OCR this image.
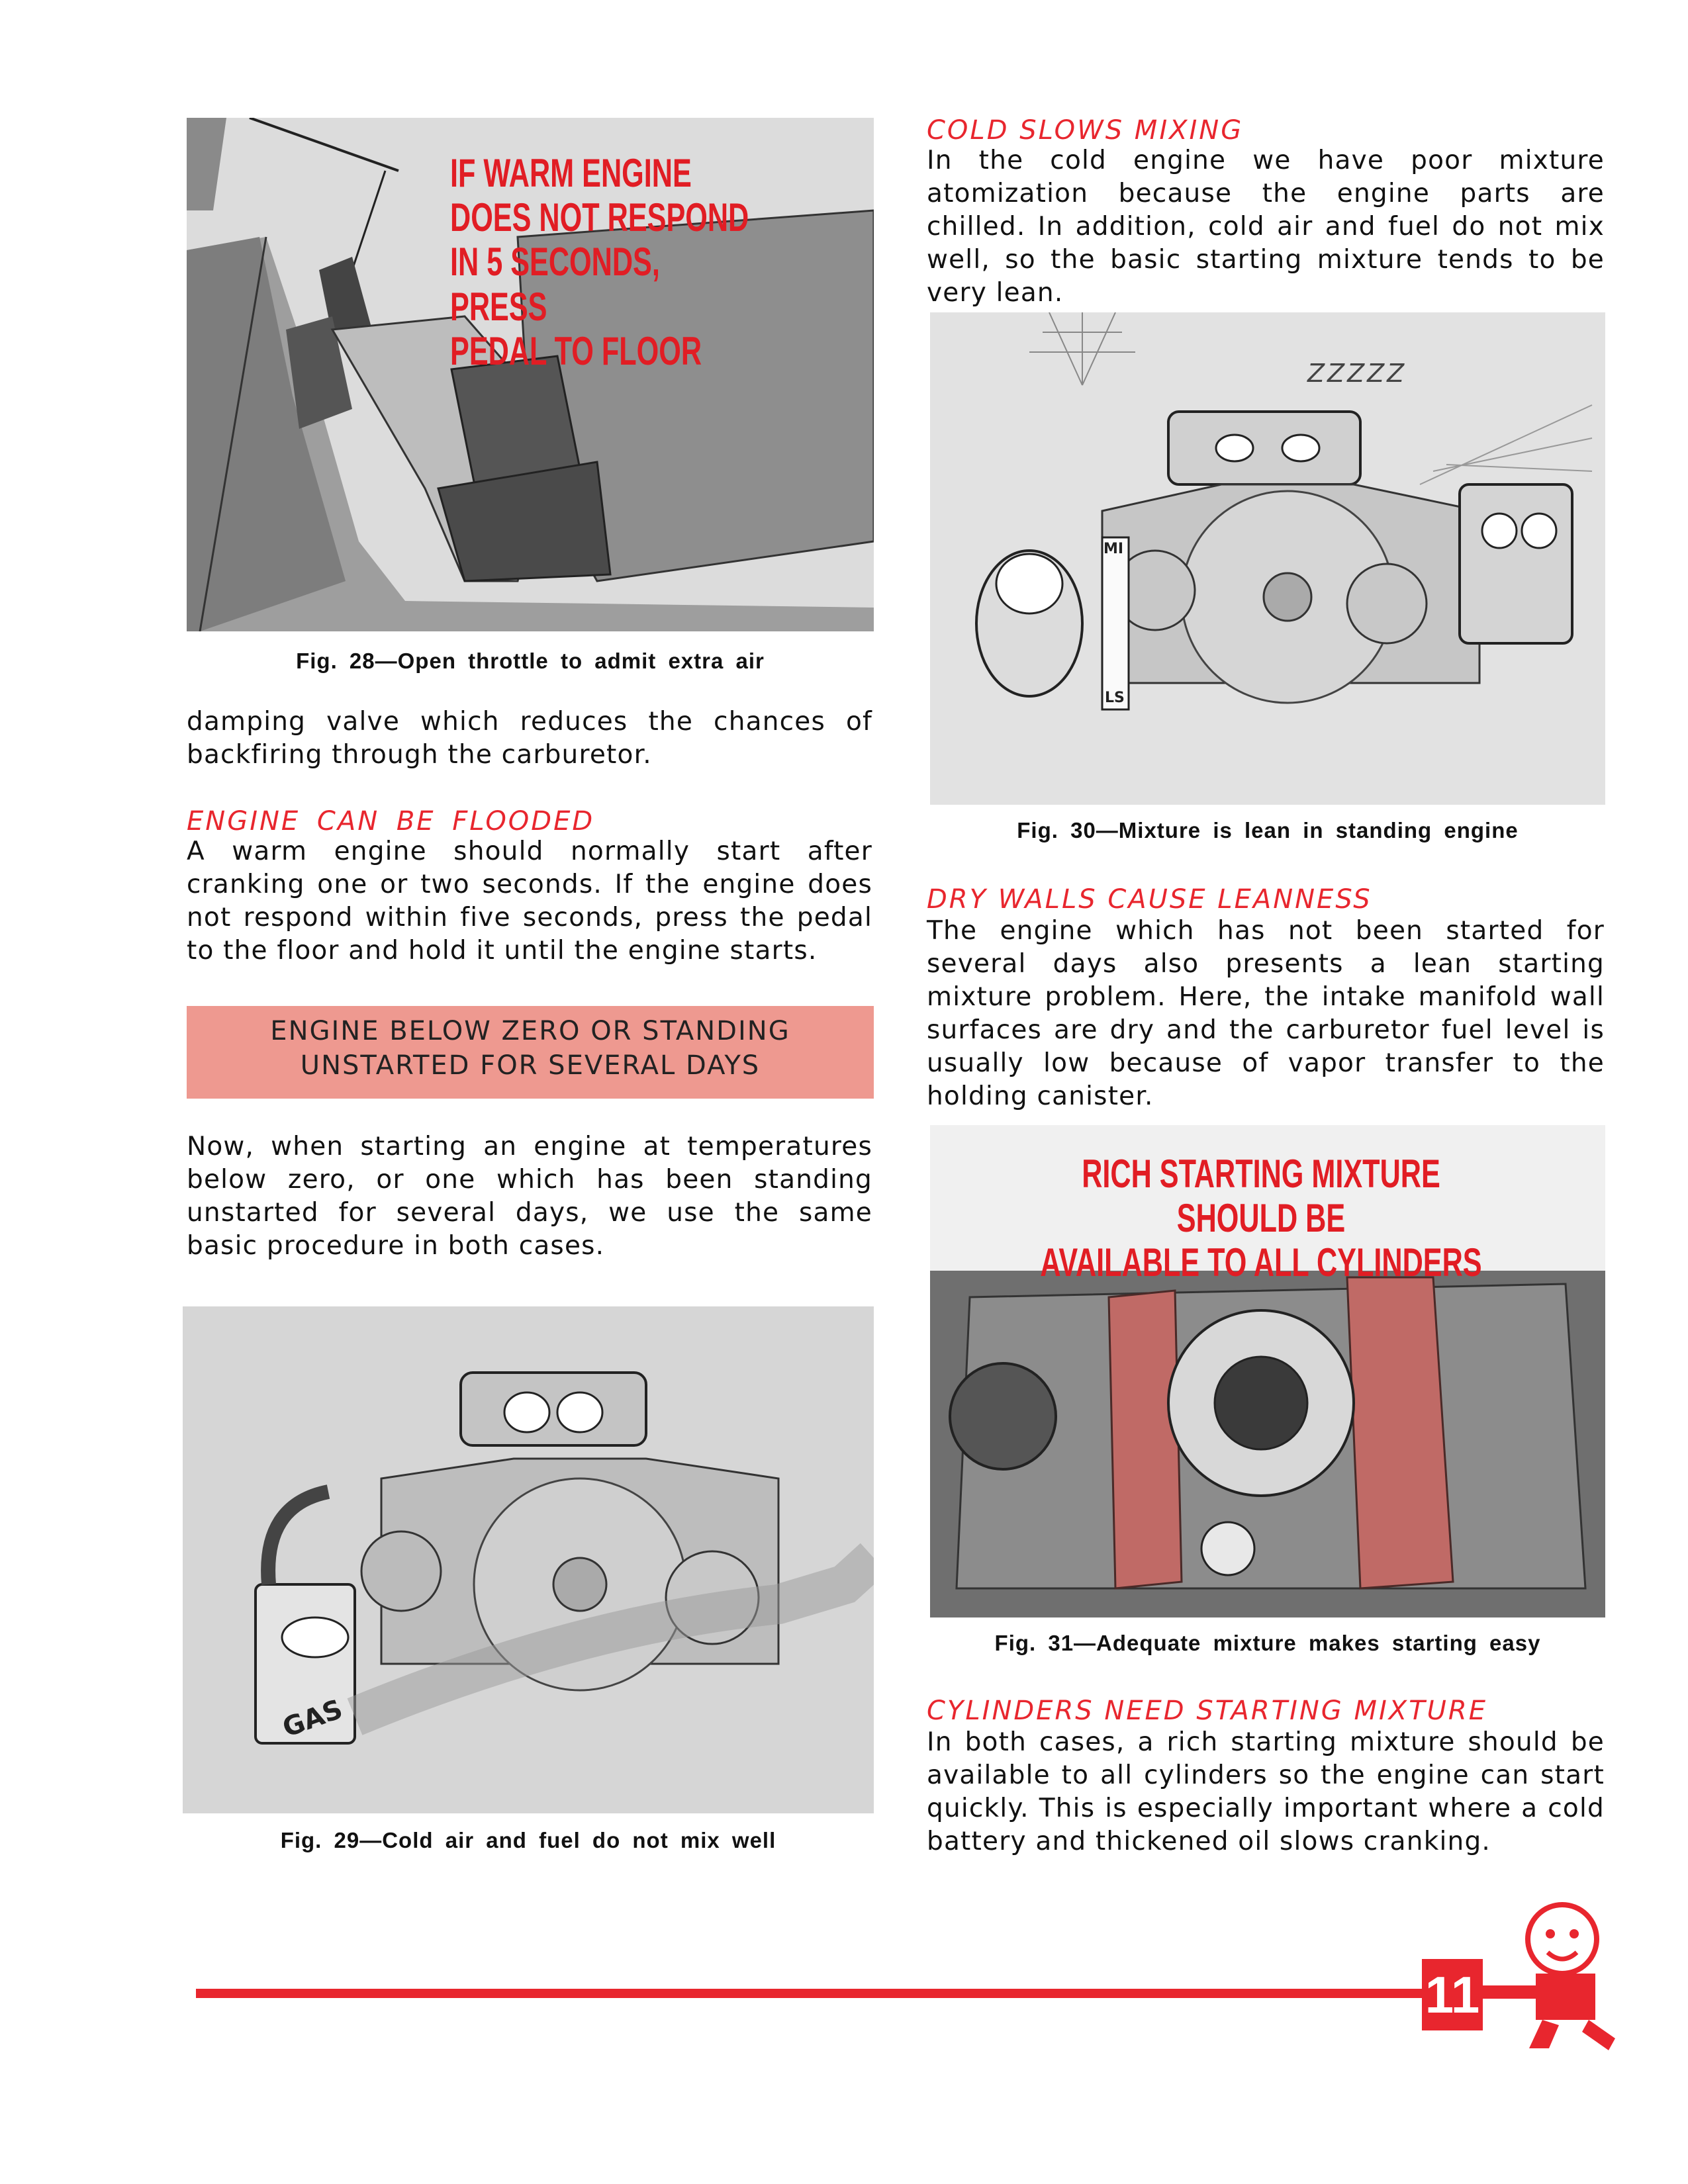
IF WARM ENGINE
DOES NOT RESPOND
IN 5 SECONDS, PRESS
PEDAL TO FLOOR
Fig. 28—Open throttle to admit extra air
damping valve which reduces the chances of backfiring through the carburetor.
ENGINE CAN BE FLOODED
A warm engine should normally start after cranking one or two seconds. If the engine does not respond within five seconds, press the pedal to the floor and hold it until the engine starts.
ENGINE BELOW ZERO OR STANDING
UNSTARTED FOR SEVERAL DAYS
Now, when starting an engine at temperatures below zero, or one which has been standing unstarted for several days, we use the same basic procedure in both cases.
GAS
Fig. 29—Cold air and fuel do not mix well
COLD SLOWS MIXING
In the cold engine we have poor mixture atomization because the engine parts are chilled. In addition, cold air and fuel do not mix well, so the basic starting mixture tends to be very lean.
ZZZZZ
MI
LS
Fig. 30—Mixture is lean in standing engine
DRY WALLS CAUSE LEANNESS
The engine which has not been started for several days also presents a lean starting mixture problem. Here, the intake manifold wall surfaces are dry and the carburetor fuel level is usually low because of vapor transfer to the holding canister.
RICH STARTING MIXTURE SHOULD BE
AVAILABLE TO ALL CYLINDERS
Fig. 31—Adequate mixture makes starting easy
CYLINDERS NEED STARTING MIXTURE
In both cases, a rich starting mixture should be available to all cylinders so the engine can start quickly. This is especially important where a cold battery and thickened oil slows cranking.
11
